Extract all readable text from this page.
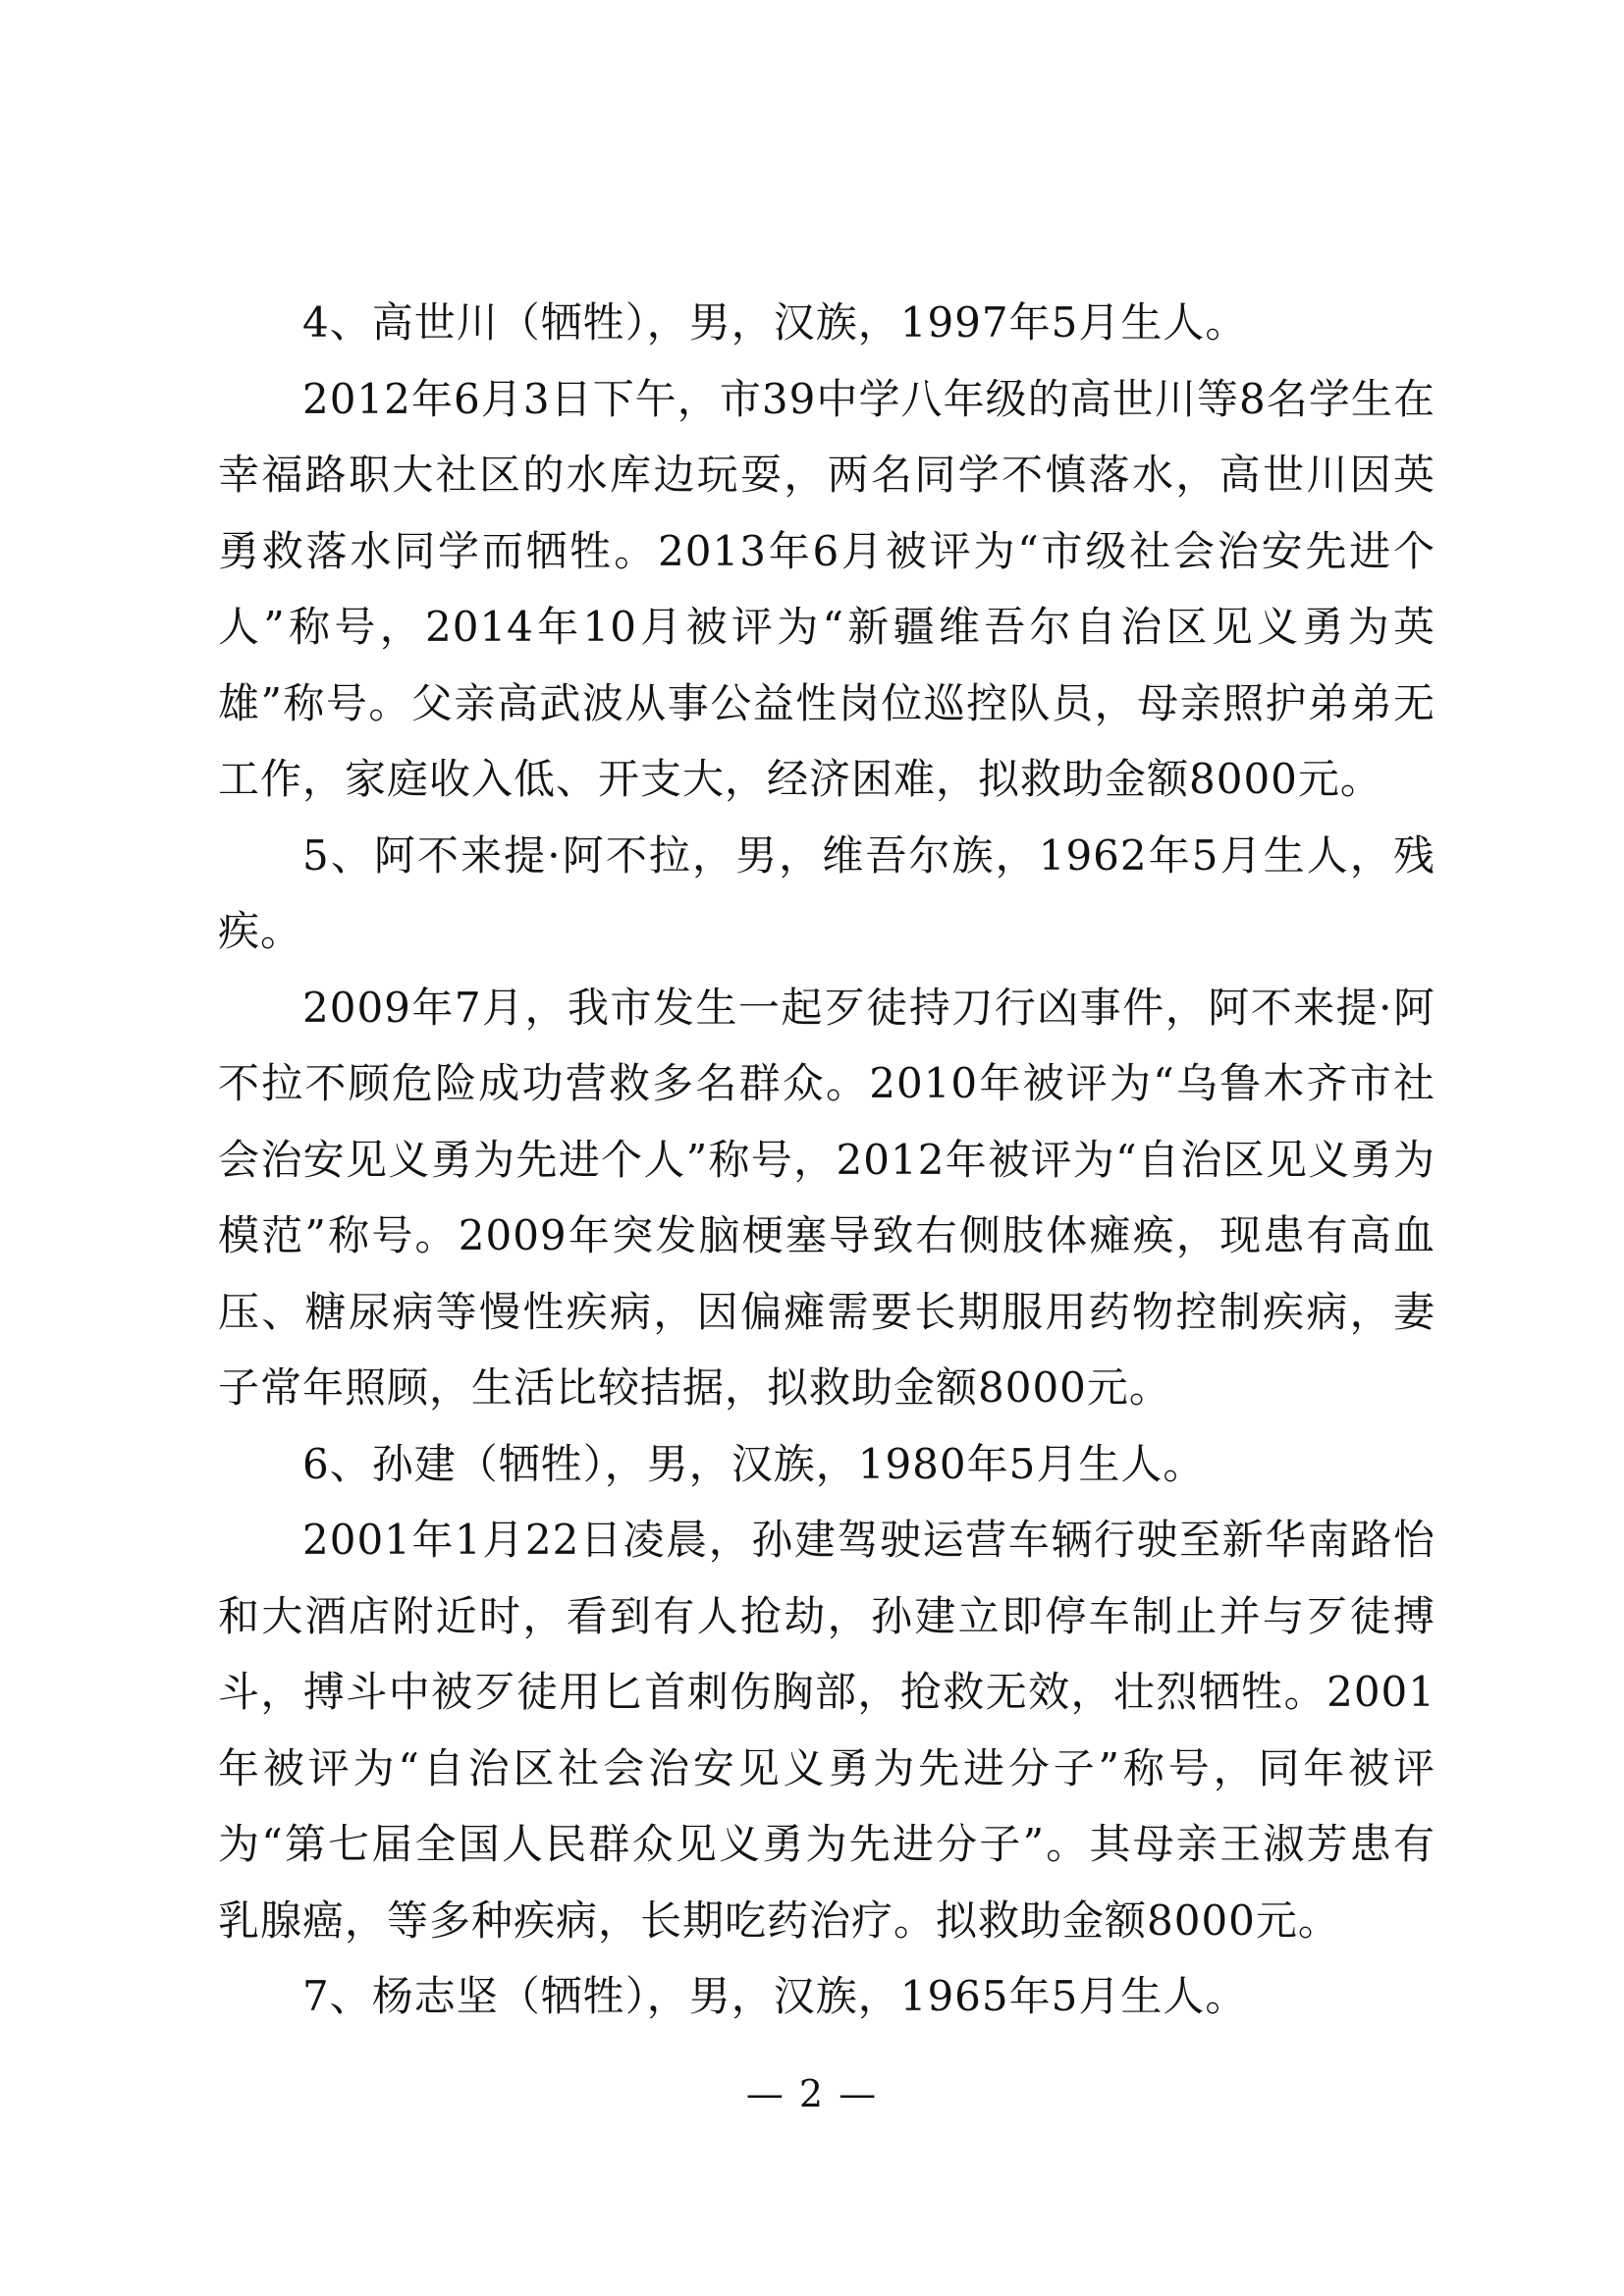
4、高世川（牺牲），男，汉族，1997年5月生人。

2012年6月3日下午，市39中学八年级的高世川等8名学生在幸福路职大社区的水库边玩耍，两名同学不慎落水，高世川因英勇救落水同学而牺牲。2013年6月被评为“市级社会治安先进个人”称号，2014年10月被评为“新疆维吾尔自治区见义勇为英雄”称号。父亲高武波从事公益性岗位巡控队员，母亲照护弟弟无工作，家庭收入低、开支大，经济困难，拟救助金额8000元。

5、阿不来提·阿不拉，男，维吾尔族，1962年5月生人，残疾。

2009年7月，我市发生一起歹徒持刀行凶事件，阿不来提·阿不拉不顾危险成功营救多名群众。2010年被评为“乌鲁木齐市社会治安见义勇为先进个人”称号，2012年被评为“自治区见义勇为模范”称号。2009年突发脑梗塞导致右侧肢体瘫痪，现患有高血压、糖尿病等慢性疾病，因偏瘫需要长期服用药物控制疾病，妻子常年照顾，生活比较拮据，拟救助金额8000元。

6、孙建（牺牲），男，汉族，1980年5月生人。

2001年1月22日凌晨，孙建驾驶运营车辆行驶至新华南路怡和大酒店附近时，看到有人抢劫，孙建立即停车制止并与歹徒搏斗，搏斗中被歹徒用匕首刺伤胸部，抢救无效，壮烈牺牲。2001年被评为“自治区社会治安见义勇为先进分子”称号，同年被评为“第七届全国人民群众见义勇为先进分子”。其母亲王淑芳患有乳腺癌，等多种疾病，长期吃药治疗。拟救助金额8000元。

7、杨志坚（牺牲），男，汉族，1965年5月生人。

— 2 —
